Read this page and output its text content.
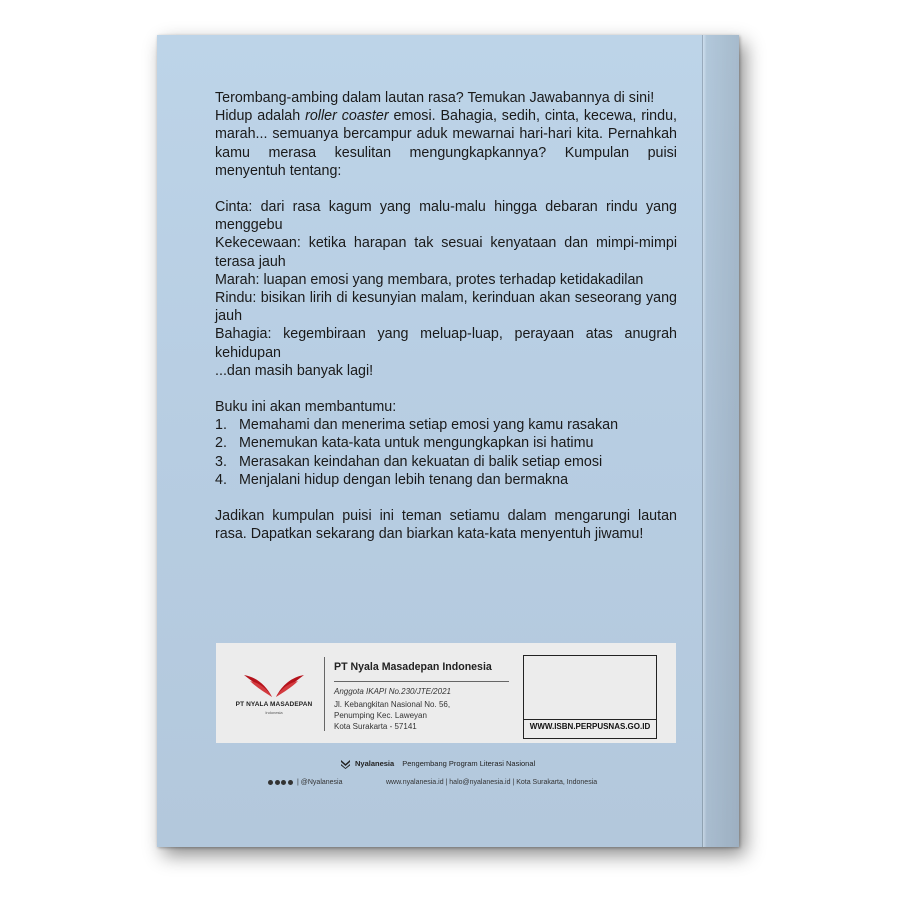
Terombang-ambing dalam lautan rasa? Temukan Jawabannya di sini!

Hidup adalah roller coaster emosi. Bahagia, sedih, cinta, kecewa, rindu, marah... semuanya bercampur aduk mewarnai hari-hari kita. Pernahkah kamu merasa kesulitan mengungkapkannya? Kumpulan puisi menyentuh tentang:

Cinta: dari rasa kagum yang malu-malu hingga debaran rindu yang menggebu

Kekecewaan: ketika harapan tak sesuai kenyataan dan mimpi-mimpi terasa jauh

Marah: luapan emosi yang membara, protes terhadap ketidakadilan

Rindu: bisikan lirih di kesunyian malam, kerinduan akan seseorang yang jauh

Bahagia: kegembiraan yang meluap-luap, perayaan atas anugrah kehidupan

...dan masih banyak lagi!

Buku ini akan membantumu:

1. Memahami dan menerima setiap emosi yang kamu rasakan
2. Menemukan kata-kata untuk mengungkapkan isi hatimu
3. Merasakan keindahan dan kekuatan di balik setiap emosi
4. Menjalani hidup dengan lebih tenang dan bermakna

Jadikan kumpulan puisi ini teman setiamu dalam mengarungi lautan rasa. Dapatkan sekarang dan biarkan kata-kata menyentuh jiwamu!

PT NYALA MASADEPAN
Indonesia
PT Nyala Masadepan Indonesia
Anggota IKAPI No.230/JTE/2021
Jl. Kebangkitan Nasional No. 56,
Penumping Kec. Laweyan
Kota Surakarta - 57141	WWW.ISBN.PERPUSNAS.GO.ID
Nyalanesia Pengembang Program Literasi Nasional
| @Nyalanesia	www.nyalanesia.id | halo@nyalanesia.id | Kota Surakarta, Indonesia
